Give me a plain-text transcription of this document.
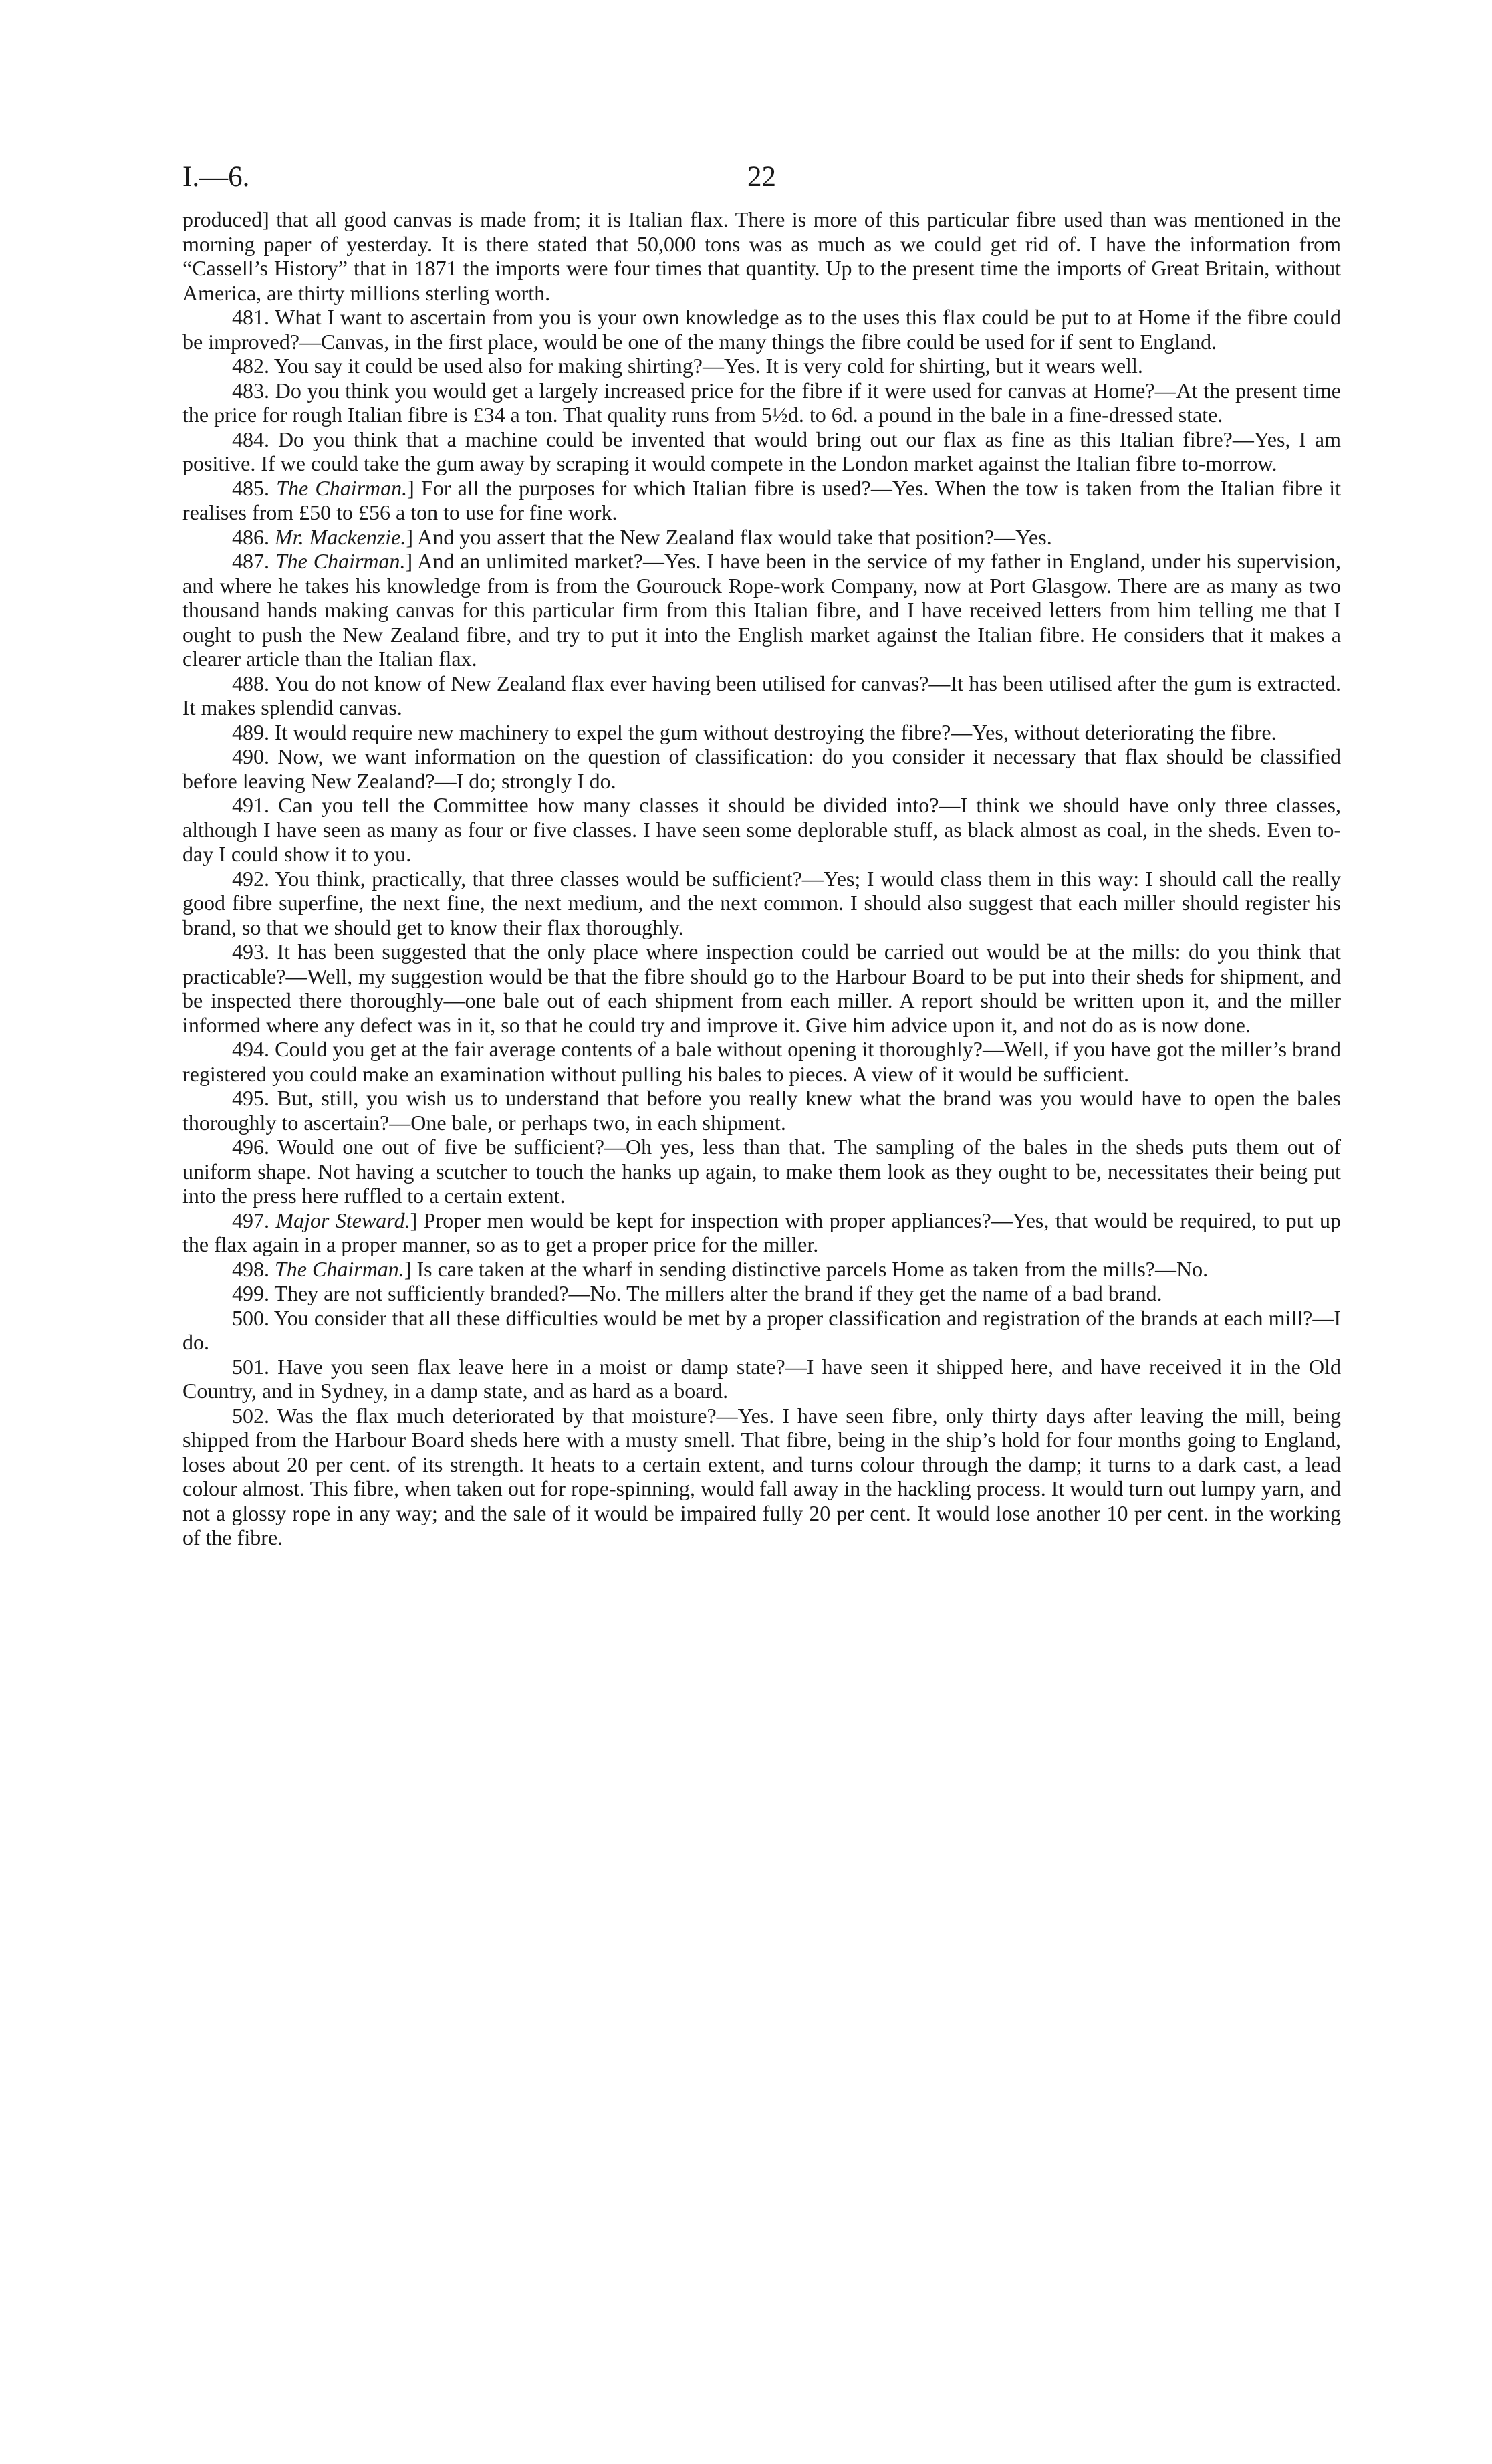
I.—6.	22

produced] that all good canvas is made from; it is Italian flax. There is more of this particular fibre used than was mentioned in the morning paper of yesterday. It is there stated that 50,000 tons was as much as we could get rid of. I have the information from “Cassell’s History” that in 1871 the imports were four times that quantity. Up to the present time the imports of Great Britain, without America, are thirty millions sterling worth.

481. What I want to ascertain from you is your own knowledge as to the uses this flax could be put to at Home if the fibre could be improved?—Canvas, in the first place, would be one of the many things the fibre could be used for if sent to England.

482. You say it could be used also for making shirting?—Yes. It is very cold for shirting, but it wears well.

483. Do you think you would get a largely increased price for the fibre if it were used for canvas at Home?—At the present time the price for rough Italian fibre is £34 a ton. That quality runs from 5½d. to 6d. a pound in the bale in a fine-dressed state.

484. Do you think that a machine could be invented that would bring out our flax as fine as this Italian fibre?—Yes, I am positive. If we could take the gum away by scraping it would compete in the London market against the Italian fibre to-morrow.

485. The Chairman.] For all the purposes for which Italian fibre is used?—Yes. When the tow is taken from the Italian fibre it realises from £50 to £56 a ton to use for fine work.

486. Mr. Mackenzie.] And you assert that the New Zealand flax would take that position?—Yes.

487. The Chairman.] And an unlimited market?—Yes. I have been in the service of my father in England, under his supervision, and where he takes his knowledge from is from the Gourouck Rope-work Company, now at Port Glasgow. There are as many as two thousand hands making canvas for this particular firm from this Italian fibre, and I have received letters from him telling me that I ought to push the New Zealand fibre, and try to put it into the English market against the Italian fibre. He considers that it makes a clearer article than the Italian flax.

488. You do not know of New Zealand flax ever having been utilised for canvas?—It has been utilised after the gum is extracted. It makes splendid canvas.

489. It would require new machinery to expel the gum without destroying the fibre?—Yes, without deteriorating the fibre.

490. Now, we want information on the question of classification: do you consider it necessary that flax should be classified before leaving New Zealand?—I do; strongly I do.

491. Can you tell the Committee how many classes it should be divided into?—I think we should have only three classes, although I have seen as many as four or five classes. I have seen some deplorable stuff, as black almost as coal, in the sheds. Even to-day I could show it to you.

492. You think, practically, that three classes would be sufficient?—Yes; I would class them in this way: I should call the really good fibre superfine, the next fine, the next medium, and the next common. I should also suggest that each miller should register his brand, so that we should get to know their flax thoroughly.

493. It has been suggested that the only place where inspection could be carried out would be at the mills: do you think that practicable?—Well, my suggestion would be that the fibre should go to the Harbour Board to be put into their sheds for shipment, and be inspected there thoroughly—one bale out of each shipment from each miller. A report should be written upon it, and the miller informed where any defect was in it, so that he could try and improve it. Give him advice upon it, and not do as is now done.

494. Could you get at the fair average contents of a bale without opening it thoroughly?—Well, if you have got the miller’s brand registered you could make an examination without pulling his bales to pieces. A view of it would be sufficient.

495. But, still, you wish us to understand that before you really knew what the brand was you would have to open the bales thoroughly to ascertain?—One bale, or perhaps two, in each shipment.

496. Would one out of five be sufficient?—Oh yes, less than that. The sampling of the bales in the sheds puts them out of uniform shape. Not having a scutcher to touch the hanks up again, to make them look as they ought to be, necessitates their being put into the press here ruffled to a certain extent.

497. Major Steward.] Proper men would be kept for inspection with proper appliances?—Yes, that would be required, to put up the flax again in a proper manner, so as to get a proper price for the miller.

498. The Chairman.] Is care taken at the wharf in sending distinctive parcels Home as taken from the mills?—No.

499. They are not sufficiently branded?—No. The millers alter the brand if they get the name of a bad brand.

500. You consider that all these difficulties would be met by a proper classification and registration of the brands at each mill?—I do.

501. Have you seen flax leave here in a moist or damp state?—I have seen it shipped here, and have received it in the Old Country, and in Sydney, in a damp state, and as hard as a board.

502. Was the flax much deteriorated by that moisture?—Yes. I have seen fibre, only thirty days after leaving the mill, being shipped from the Harbour Board sheds here with a musty smell. That fibre, being in the ship’s hold for four months going to England, loses about 20 per cent. of its strength. It heats to a certain extent, and turns colour through the damp; it turns to a dark cast, a lead colour almost. This fibre, when taken out for rope-spinning, would fall away in the hackling process. It would turn out lumpy yarn, and not a glossy rope in any way; and the sale of it would be impaired fully 20 per cent. It would lose another 10 per cent. in the working of the fibre.
